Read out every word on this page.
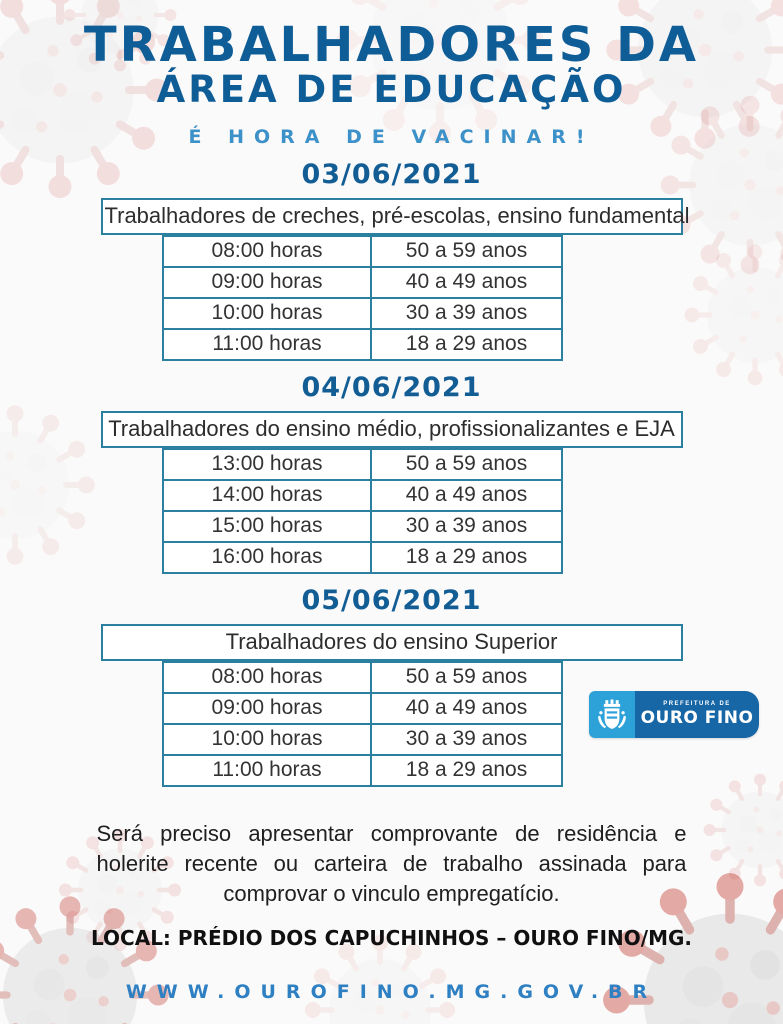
TRABALHADORES DA
ÁREA DE EDUCAÇÃO
É HORA DE VACINAR!
03/06/2021
Trabalhadores de creches, pré-escolas, ensino fundamental
08:00 horas	50 a 59 anos
09:00 horas	40 a 49 anos
10:00 horas	30 a 39 anos
11:00 horas	18 a 29 anos
04/06/2021
Trabalhadores do ensino médio, profissionalizantes e EJA
13:00 horas	50 a 59 anos
14:00 horas	40 a 49 anos
15:00 horas	30 a 39 anos
16:00 horas	18 a 29 anos
05/06/2021
Trabalhadores do ensino Superior
08:00 horas	50 a 59 anos
09:00 horas	40 a 49 anos
10:00 horas	30 a 39 anos
11:00 horas	18 a 29 anos

Será preciso apresentar comprovante de residência e holerite recente ou carteira de trabalho assinada para comprovar o vinculo empregatício.

LOCAL: PRÉDIO DOS CAPUCHINHOS – OURO FINO/MG.

WWW.OUROFINO.MG.GOV.BR

PREFEITURA DE
OURO FINO
